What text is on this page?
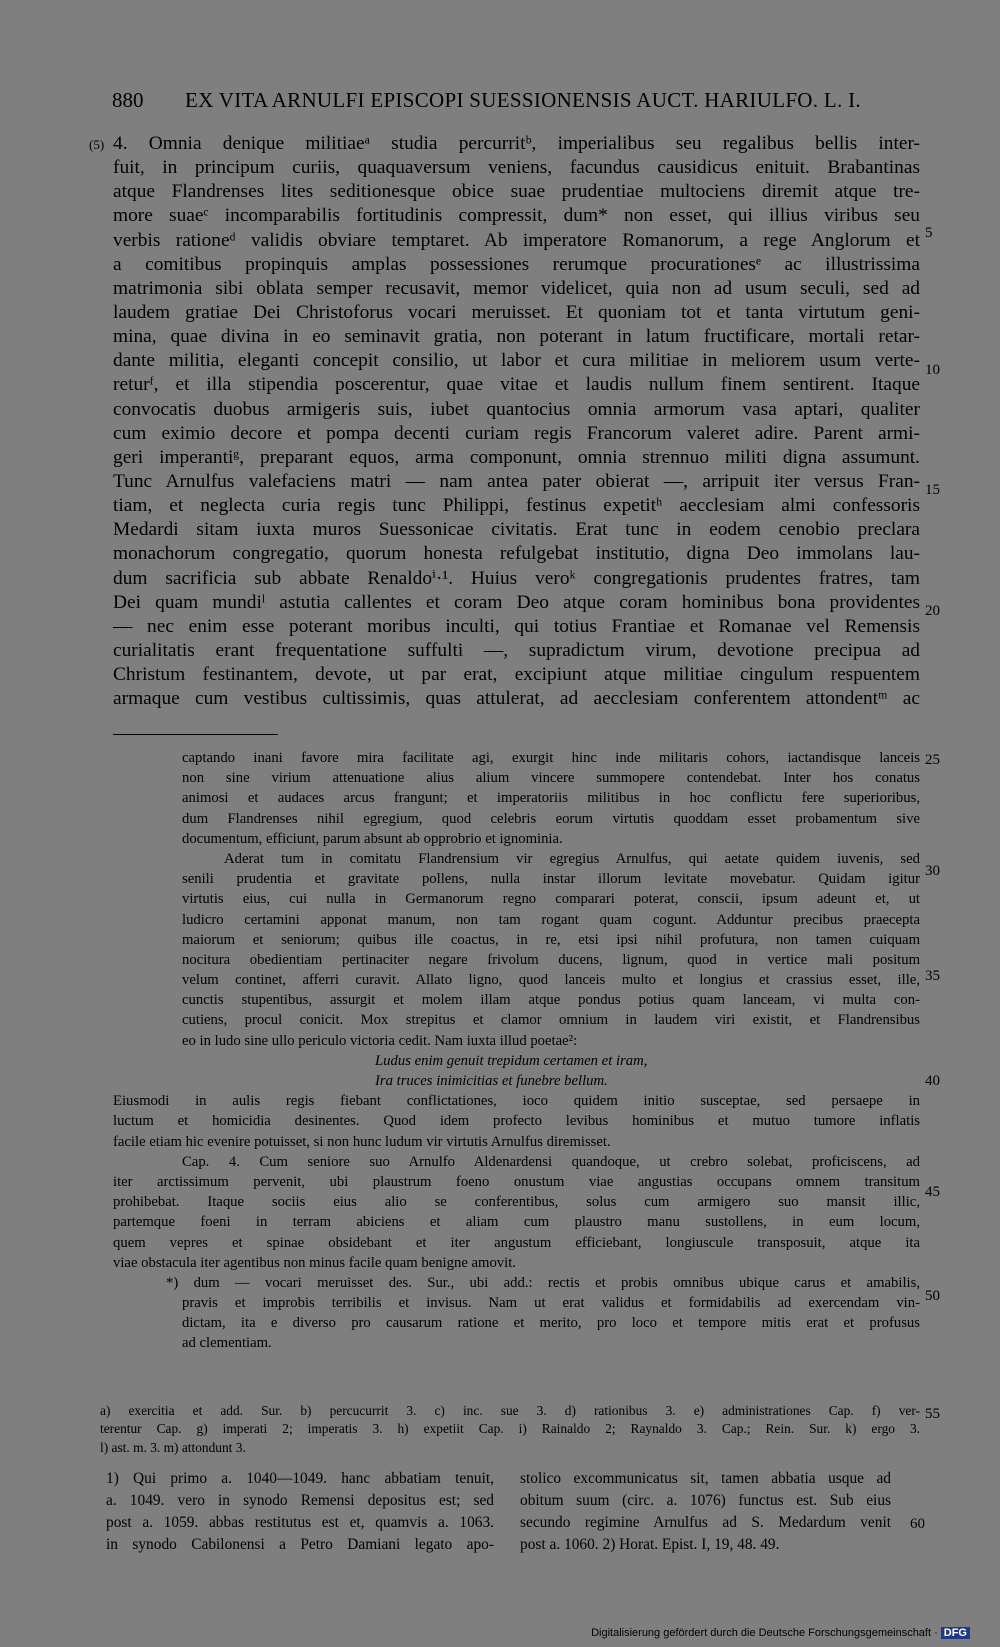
880 EX VITA ARNULFI EPISCOPI SUESSIONENSIS AUCT. HARIULFO. L. I.
(5) 4. Omnia denique militiaeᵃ studia percurritᵇ, imperialibus seu regalibus bellis inter-
fuit, in principum curiis, quaquaversum veniens, facundus causidicus enituit. Brabantinas
atque Flandrenses lites seditionesque obice suae prudentiae multociens diremit atque tre-
more suaeᶜ incomparabilis fortitudinis compressit, dum* non esset, qui illius viribus seu
verbis rationeᵈ validis obviare temptaret. Ab imperatore Romanorum, a rege Anglorum et
a comitibus propinquis amplas possessiones rerumque procurationesᵉ ac illustrissima
matrimonia sibi oblata semper recusavit, memor videlicet, quia non ad usum seculi, sed ad
laudem gratiae Dei Christoforus vocari meruisset. Et quoniam tot et tanta virtutum geni-
mina, quae divina in eo seminavit gratia, non poterant in latum fructificare, mortali retar-
dante militia, eleganti concepit consilio, ut labor et cura militiae in meliorem usum verte-
returᶠ, et illa stipendia poscerentur, quae vitae et laudis nullum finem sentirent. Itaque
convocatis duobus armigeris suis, iubet quantocius omnia armorum vasa aptari, qualiter
cum eximio decore et pompa decenti curiam regis Francorum valeret adire. Parent armi-
geri imperantiᵍ, preparant equos, arma componunt, omnia strennuo militi digna assumunt.
Tunc Arnulfus valefaciens matri — nam antea pater obierat —, arripuit iter versus Fran-
tiam, et neglecta curia regis tunc Philippi, festinus expetitʰ aecclesiam almi confessoris
Medardi sitam iuxta muros Suessonicae civitatis. Erat tunc in eodem cenobio preclara
monachorum congregatio, quorum honesta refulgebat institutio, digna Deo immolans lau-
dum sacrificia sub abbate Renaldoⁱ·¹. Huius veroᵏ congregationis prudentes fratres, tam
Dei quam mundiˡ astutia callentes et coram Deo atque coram hominibus bona providentes
— nec enim esse poterant moribus inculti, qui totius Frantiae et Romanae vel Remensis
curialitatis erant frequentatione suffulti —, supradictum virum, devotione precipua ad
Christum festinantem, devote, ut par erat, excipiunt atque militiae cingulum respuentem
armaque cum vestibus cultissimis, quas attulerat, ad aecclesiam conferentem attondentᵐ ac
5
10
15
20
captando inani favore mira facilitate agi, exurgit hinc inde militaris cohors, iactandisque lanceis
non sine virium attenuatione alius alium vincere summopere contendebat. Inter hos conatus
animosi et audaces arcus frangunt; et imperatoriis militibus in hoc conflictu fere superioribus,
dum Flandrenses nihil egregium, quod celebris eorum virtutis quoddam esset probamentum sive
documentum, efficiunt, parum absunt ab opprobrio et ignominia.
Aderat tum in comitatu Flandrensium vir egregius Arnulfus, qui aetate quidem iuvenis, sed
senili prudentia et gravitate pollens, nulla instar illorum levitate movebatur. Quidam igitur
virtutis eius, cui nulla in Germanorum regno comparari poterat, conscii, ipsum adeunt et, ut
ludicro certamini apponat manum, non tam rogant quam cogunt. Adduntur precibus praecepta
maiorum et seniorum; quibus ille coactus, in re, etsi ipsi nihil profutura, non tamen cuiquam
nocitura obedientiam pertinaciter negare frivolum ducens, lignum, quod in vertice mali positum
velum continet, afferri curavit. Allato ligno, quod lanceis multo et longius et crassius esset, ille,
cunctis stupentibus, assurgit et molem illam atque pondus potius quam lanceam, vi multa con-
cutiens, procul conicit. Mox strepitus et clamor omnium in laudem viri existit, et Flandrensibus
eo in ludo sine ullo periculo victoria cedit. Nam iuxta illud poetae²:
Ludus enim genuit trepidum certamen et iram,
Ira truces inimicitias et funebre bellum.
Eiusmodi in aulis regis fiebant conflictationes, ioco quidem initio susceptae, sed persaepe in
luctum et homicidia desinentes. Quod idem profecto levibus hominibus et mutuo tumore inflatis
facile etiam hic evenire potuisset, si non hunc ludum vir virtutis Arnulfus diremisset.
Cap. 4. Cum seniore suo Arnulfo Aldenardensi quandoque, ut crebro solebat, proficiscens, ad
iter arctissimum pervenit, ubi plaustrum foeno onustum viae angustias occupans omnem transitum
prohibebat. Itaque sociis eius alio se conferentibus, solus cum armigero suo mansit illic,
partemque foeni in terram abiciens et aliam cum plaustro manu sustollens, in eum locum,
quem vepres et spinae obsidebant et iter angustum efficiebant, longiuscule transposuit, atque ita
viae obstacula iter agentibus non minus facile quam benigne amovit.
*) dum — vocari meruisset des. Sur., ubi add.: rectis et probis omnibus ubique carus et amabilis,
pravis et improbis terribilis et invisus. Nam ut erat validus et formidabilis ad exercendam vin-
dictam, ita e diverso pro causarum ratione et merito, pro loco et tempore mitis erat et profusus
ad clementiam.
25
30
35
40
45
50
a) exercitia et add. Sur. b) percucurrit 3. c) inc. sue 3. d) rationibus 3. e) administrationes Cap. f) ver-
terentur Cap. g) imperati 2; imperatis 3. h) expetiit Cap. i) Rainaldo 2; Raynaldo 3. Cap.; Rein. Sur. k) ergo 3.
l) ast. m. 3. m) attondunt 3.
55
1) Qui primo a. 1040—1049. hanc abbatiam tenuit,
a. 1049. vero in synodo Remensi depositus est; sed
post a. 1059. abbas restitutus est et, quamvis a. 1063.
in synodo Cabilonensi a Petro Damiani legato apo-
stolico excommunicatus sit, tamen abbatia usque ad
obitum suum (circ. a. 1076) functus est. Sub eius
secundo regimine Arnulfus ad S. Medardum venit
post a. 1060. 2) Horat. Epist. I, 19, 48. 49.
60
Digitalisierung gefördert durch die Deutsche Forschungsgemeinschaft · DFG
